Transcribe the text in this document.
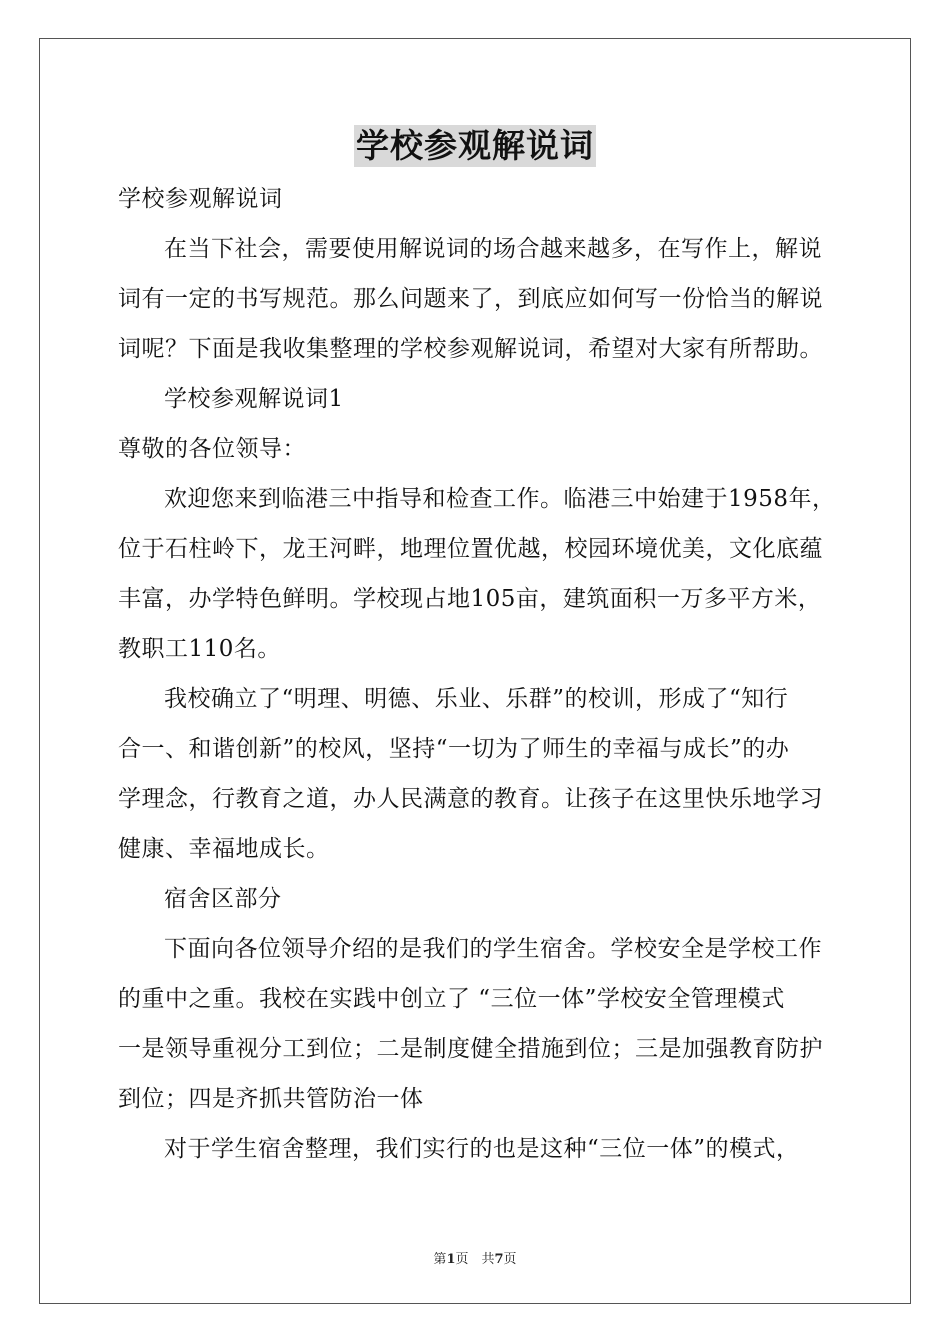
学校参观解说词
学校参观解说词
在当下社会，需要使用解说词的场合越来越多，在写作上，解说
词有一定的书写规范。那么问题来了，到底应如何写一份恰当的解说
词呢？下面是我收集整理的学校参观解说词，希望对大家有所帮助。
学校参观解说词1
尊敬的各位领导：
欢迎您来到临港三中指导和检查工作。临港三中始建于1958年，
位于石柱岭下，龙王河畔，地理位置优越，校园环境优美，文化底蕴
丰富，办学特色鲜明。学校现占地105亩，建筑面积一万多平方米，
教职工110名。
我校确立了“明理、明德、乐业、乐群”的校训，形成了“知行
合一、和谐创新”的校风，坚持“一切为了师生的幸福与成长”的办
学理念，行教育之道，办人民满意的教育。让孩子在这里快乐地学习
健康、幸福地成长。
宿舍区部分
下面向各位领导介绍的是我们的学生宿舍。学校安全是学校工作
的重中之重。我校在实践中创立了 “三位一体”学校安全管理模式
一是领导重视分工到位；二是制度健全措施到位；三是加强教育防护
到位；四是齐抓共管防治一体
对于学生宿舍整理，我们实行的也是这种“三位一体”的模式，
第1页　共7页
